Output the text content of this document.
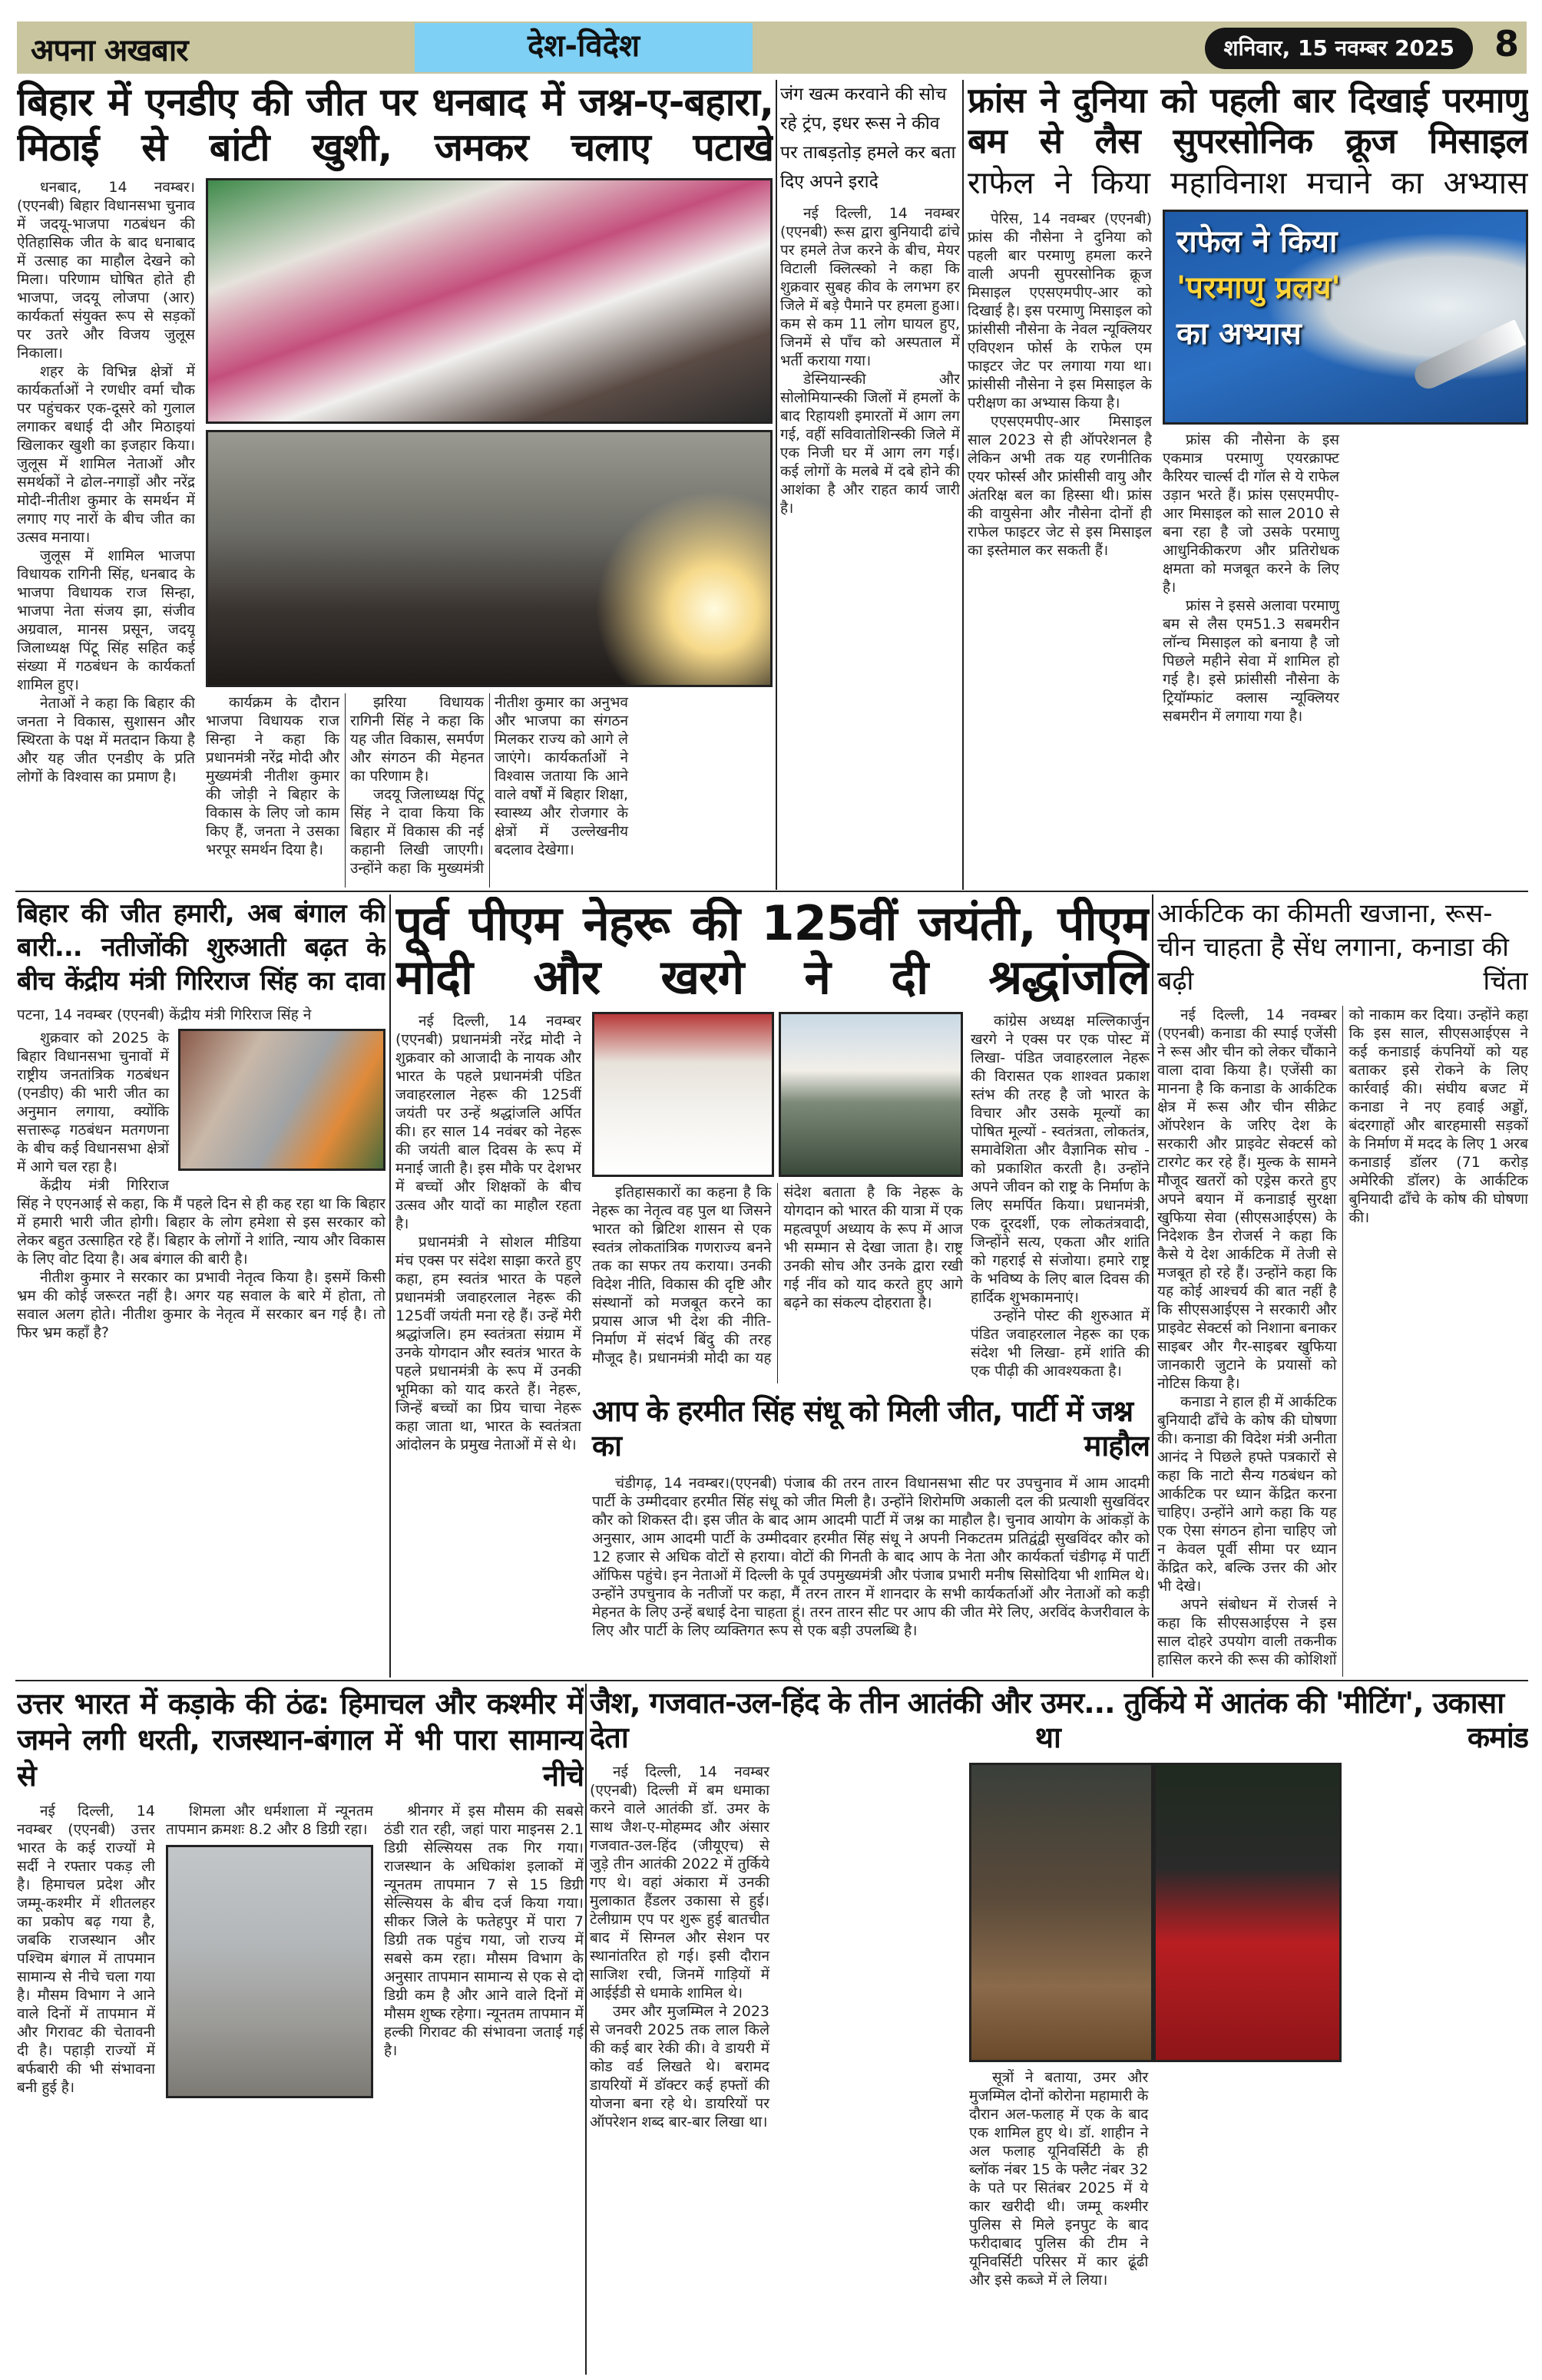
अपना अखबार	देश-विदेश	शनिवार, 15 नवम्बर 2025	8
बिहार में एनडीए की जीत पर धनबाद में जश्न-ए-बहारा, मिठाई से बांटी खुशी, जमकर चलाए पटाखे

धनबाद, 14 नवम्बर।(एएनबी) बिहार विधानसभा चुनाव में जदयू-भाजपा गठबंधन की ऐतिहासिक जीत के बाद धनाबाद में उत्साह का माहौल देखने को मिला। परिणाम घोषित होते ही भाजपा, जदयू लोजपा (आर) कार्यकर्ता संयुक्त रूप से सड़कों पर उतरे और विजय जुलूस निकाला।

शहर के विभिन्न क्षेत्रों में कार्यकर्ताओं ने रणधीर वर्मा चौक पर पहुंचकर एक-दूसरे को गुलाल लगाकर बधाई दी और मिठाइयां खिलाकर खुशी का इजहार किया। जुलूस में शामिल नेताओं और समर्थकों ने ढोल-नगाड़ों और नरेंद्र मोदी-नीतीश कुमार के समर्थन में लगाए गए नारों के बीच जीत का उत्सव मनाया।

जुलूस में शामिल भाजपा विधायक रागिनी सिंह, धनबाद के भाजपा विधायक राज सिन्हा, भाजपा नेता संजय झा, संजीव अग्रवाल, मानस प्रसून, जदयू जिलाध्यक्ष पिंटू सिंह सहित कई संख्या में गठबंधन के कार्यकर्ता शामिल हुए।

नेताओं ने कहा कि बिहार की जनता ने विकास, सुशासन और स्थिरता के पक्ष में मतदान किया है और यह जीत एनडीए के प्रति लोगों के विश्वास का प्रमाण है।

कार्यक्रम के दौरान भाजपा विधायक राज सिन्हा ने कहा कि प्रधानमंत्री नरेंद्र मोदी और मुख्यमंत्री नीतीश कुमार की जोड़ी ने बिहार के विकास के लिए जो काम किए हैं, जनता ने उसका भरपूर समर्थन दिया है।

झरिया विधायक रागिनी सिंह ने कहा कि यह जीत विकास, समर्पण और संगठन की मेहनत का परिणाम है।

जदयू जिलाध्यक्ष पिंटू सिंह ने दावा किया कि बिहार में विकास की नई कहानी लिखी जाएगी। उन्होंने कहा कि मुख्यमंत्री नीतीश कुमार का अनुभव और भाजपा का संगठन मिलकर राज्य को आगे ले जाएंगे। कार्यकर्ताओं ने विश्वास जताया कि आने वाले वर्षों में बिहार शिक्षा, स्वास्थ्य और रोजगार के क्षेत्रों में उल्लेखनीय बदलाव देखेगा।

जंग खत्म करवाने की सोच रहे ट्रंप, इधर रूस ने कीव पर ताबड़तोड़ हमले कर बता दिए अपने इरादे

नई दिल्ली, 14 नवम्बर (एएनबी) रूस द्वारा बुनियादी ढांचे पर हमले तेज करने के बीच, मेयर विटाली क्लित्स्को ने कहा कि शुक्रवार सुबह कीव के लगभग हर जिले में बड़े पैमाने पर हमला हुआ। कम से कम 11 लोग घायल हुए, जिनमें से पाँच को अस्पताल में भर्ती कराया गया।

डेस्नियान्स्की और सोलोमियान्स्की जिलों में हमलों के बाद रिहायशी इमारतों में आग लग गई, वहीं सविवातोशिन्स्की जिले में एक निजी घर में आग लग गई। कई लोगों के मलबे में दबे होने की आशंका है और राहत कार्य जारी है।

फ्रांस ने दुनिया को पहली बार दिखाई परमाणु बम से लैस सुपरसोनिक क्रूज मिसाइल
राफेल ने किया महाविनाश मचाने का अभ्यास

पेरिस, 14 नवम्बर (एएनबी) फ्रांस की नौसेना ने दुनिया को पहली बार परमाणु हमला करने वाली अपनी सुपरसोनिक क्रूज मिसाइल एएसएमपीए-आर को दिखाई है। इस परमाणु मिसाइल को फ्रांसीसी नौसेना के नेवल न्यूक्लियर एविएशन फोर्स के राफेल एम फाइटर जेट पर लगाया गया था। फ्रांसीसी नौसेना ने इस मिसाइल के परीक्षण का अभ्यास किया है।

एएसएमपीए-आर मिसाइल साल 2023 से ही ऑपरेशनल है लेकिन अभी तक यह रणनीतिक एयर फोर्स्स और फ्रांसीसी वायु और अंतरिक्ष बल का हिस्सा थी। फ्रांस की वायुसेना और नौसेना दोनों ही राफेल फाइटर जेट से इस मिसाइल का इस्तेमाल कर सकती हैं।

राफेल ने किया
'परमाणु प्रलय'
का अभ्यास

फ्रांस की नौसेना के इस एकमात्र परमाणु एयरक्राफ्ट कैरियर चार्ल्स दी गॉल से ये राफेल उड़ान भरते हैं। फ्रांस एसएमपीए-आर मिसाइल को साल 2010 से बना रहा है जो उसके परमाणु आधुनिकीकरण और प्रतिरोधक क्षमता को मजबूत करने के लिए है।

फ्रांस ने इससे अलावा परमाणु बम से लैस एम51.3 सबमरीन लॉन्च मिसाइल को बनाया है जो पिछले महीने सेवा में शामिल हो गई है। इसे फ्रांसीसी नौसेना के ट्रियॉम्फांट क्लास न्यूक्लियर सबमरीन में लगाया गया है।

बिहार की जीत हमारी, अब बंगाल की बारी... नतीजोंकी शुरुआती बढ़त के बीच केंद्रीय मंत्री गिरिराज सिंह का दावा
पटना, 14 नवम्बर (एएनबी) केंद्रीय मंत्री गिरिराज सिंह ने

शुक्रवार को 2025 के बिहार विधानसभा चुनावों में राष्ट्रीय जनतांत्रिक गठबंधन (एनडीए) की भारी जीत का अनुमान लगाया, क्योंकि सत्तारूढ़ गठबंधन मतगणना के बीच कई विधानसभा क्षेत्रों में आगे चल रहा है।

केंद्रीय मंत्री गिरिराज सिंह ने एएनआई से कहा, कि मैं पहले दिन से ही कह रहा था कि बिहार में हमारी भारी जीत होगी। बिहार के लोग हमेशा से इस सरकार को लेकर बहुत उत्साहित रहे हैं। बिहार के लोगों ने शांति, न्याय और विकास के लिए वोट दिया है। अब बंगाल की बारी है।

नीतीश कुमार ने सरकार का प्रभावी नेतृत्व किया है। इसमें किसी भ्रम की कोई जरूरत नहीं है। अगर यह सवाल के बारे में होता, तो सवाल अलग होते। नीतीश कुमार के नेतृत्व में सरकार बन गई है। तो फिर भ्रम कहाँ है?

पूर्व पीएम नेहरू की 125वीं जयंती, पीएम मोदी और खरगे ने दी श्रद्धांजलि

नई दिल्ली, 14 नवम्बर (एएनबी) प्रधानमंत्री नरेंद्र मोदी ने शुक्रवार को आजादी के नायक और भारत के पहले प्रधानमंत्री पंडित जवाहरलाल नेहरू की 125वीं जयंती पर उन्हें श्रद्धांजलि अर्पित की। हर साल 14 नवंबर को नेहरू की जयंती बाल दिवस के रूप में मनाई जाती है। इस मौके पर देशभर में बच्चों और शिक्षकों के बीच उत्सव और यादों का माहौल रहता है।

प्रधानमंत्री ने सोशल मीडिया मंच एक्स पर संदेश साझा करते हुए कहा, हम स्वतंत्र भारत के पहले प्रधानमंत्री जवाहरलाल नेहरू की 125वीं जयंती मना रहे हैं। उन्हें मेरी श्रद्धांजलि। हम स्वतंत्रता संग्राम में उनके योगदान और स्वतंत्र भारत के पहले प्रधानमंत्री के रूप में उनकी भूमिका को याद करते हैं। नेहरू, जिन्हें बच्चों का प्रिय चाचा नेहरू कहा जाता था, भारत के स्वतंत्रता आंदोलन के प्रमुख नेताओं में से थे।

इतिहासकारों का कहना है कि नेहरू का नेतृत्व वह पुल था जिसने भारत को ब्रिटिश शासन से एक स्वतंत्र लोकतांत्रिक गणराज्य बनने तक का सफर तय कराया। उनकी विदेश नीति, विकास की दृष्टि और संस्थानों को मजबूत करने का प्रयास आज भी देश की नीति-निर्माण में संदर्भ बिंदु की तरह मौजूद है। प्रधानमंत्री मोदी का यह संदेश बताता है कि नेहरू के योगदान को भारत की यात्रा में एक महत्वपूर्ण अध्याय के रूप में आज भी सम्मान से देखा जाता है। राष्ट्र उनकी सोच और उनके द्वारा रखी गई नींव को याद करते हुए आगे बढ़ने का संकल्प दोहराता है।

कांग्रेस अध्यक्ष मल्लिकार्जुन खरगे ने एक्स पर एक पोस्ट में लिखा- पंडित जवाहरलाल नेहरू की विरासत एक शाश्वत प्रकाश स्तंभ की तरह है जो भारत के विचार और उसके मूल्यों का पोषित मूल्यों - स्वतंत्रता, लोकतंत्र, समावेशिता और वैज्ञानिक सोच - को प्रकाशित करती है। उन्होंने अपने जीवन को राष्ट्र के निर्माण के लिए समर्पित किया। प्रधानमंत्री, एक दूरदर्शी, एक लोकतंत्रवादी, जिन्होंने सत्य, एकता और शांति को गहराई से संजोया। हमारे राष्ट्र के भविष्य के लिए बाल दिवस की हार्दिक शुभकामनाएं।

उन्होंने पोस्ट की शुरुआत में पंडित जवाहरलाल नेहरू का एक संदेश भी लिखा- हमें शांति की एक पीढ़ी की आवश्यकता है।

आप के हरमीत सिंह संधू को मिली जीत, पार्टी में जश्न का माहौल

चंडीगढ़, 14 नवम्बर।(एएनबी) पंजाब की तरन तारन विधानसभा सीट पर उपचुनाव में आम आदमी पार्टी के उम्मीदवार हरमीत सिंह संधू को जीत मिली है। उन्होंने शिरोमणि अकाली दल की प्रत्याशी सुखविंदर कौर को शिकस्त दी। इस जीत के बाद आम आदमी पार्टी में जश्न का माहौल है। चुनाव आयोग के आंकड़ों के अनुसार, आम आदमी पार्टी के उम्मीदवार हरमीत सिंह संधू ने अपनी निकटतम प्रतिद्वंद्वी सुखविंदर कौर को 12 हजार से अधिक वोटों से हराया। वोटों की गिनती के बाद आप के नेता और कार्यकर्ता चंडीगढ़ में पार्टी ऑफिस पहुंचे। इन नेताओं में दिल्ली के पूर्व उपमुख्यमंत्री और पंजाब प्रभारी मनीष सिसोदिया भी शामिल थे। उन्होंने उपचुनाव के नतीजों पर कहा, मैं तरन तारन में शानदार के सभी कार्यकर्ताओं और नेताओं को कड़ी मेहनत के लिए उन्हें बधाई देना चाहता हूं। तरन तारन सीट पर आप की जीत मेरे लिए, अरविंद केजरीवाल के लिए और पार्टी के लिए व्यक्तिगत रूप से एक बड़ी उपलब्धि है।

आर्कटिक का कीमती खजाना, रूस-चीन चाहता है सेंध लगाना, कनाडा की बढ़ी चिंता

नई दिल्ली, 14 नवम्बर (एएनबी) कनाडा की स्पाई एजेंसी ने रूस और चीन को लेकर चौंकाने वाला दावा किया है। एजेंसी का मानना है कि कनाडा के आर्कटिक क्षेत्र में रूस और चीन सीक्रेट ऑपरेशन के जरिए देश के सरकारी और प्राइवेट सेक्टर्स को टारगेट कर रहे हैं। मुल्क के सामने मौजूद खतरों को एड्रेस करते हुए अपने बयान में कनाडाई सुरक्षा खुफिया सेवा (सीएसआईएस) के निदेशक डैन रोजर्स ने कहा कि कैसे ये देश आर्कटिक में तेजी से मजबूत हो रहे हैं। उन्होंने कहा कि यह कोई आश्चर्य की बात नहीं है कि सीएसआईएस ने सरकारी और प्राइवेट सेक्टर्स को निशाना बनाकर साइबर और गैर-साइबर खुफिया जानकारी जुटाने के प्रयासों को नोटिस किया है।

कनाडा ने हाल ही में आर्कटिक बुनियादी ढाँचे के कोष की घोषणा की। कनाडा की विदेश मंत्री अनीता आनंद ने पिछले हफ्ते पत्रकारों से कहा कि नाटो सैन्य गठबंधन को आर्कटिक पर ध्यान केंद्रित करना चाहिए। उन्होंने आगे कहा कि यह एक ऐसा संगठन होना चाहिए जो न केवल पूर्वी सीमा पर ध्यान केंद्रित करे, बल्कि उत्तर की ओर भी देखे।

अपने संबोधन में रोजर्स ने कहा कि सीएसआईएस ने इस साल दोहरे उपयोग वाली तकनीक हासिल करने की रूस की कोशिशों को नाकाम कर दिया। उन्होंने कहा कि इस साल, सीएसआईएस ने कई कनाडाई कंपनियों को यह बताकर इसे रोकने के लिए कार्रवाई की। संघीय बजट में कनाडा ने नए हवाई अड्डों, बंदरगाहों और बारहमासी सड़कों के निर्माण में मदद के लिए 1 अरब कनाडाई डॉलर (71 करोड़ अमेरिकी डॉलर) के आर्कटिक बुनियादी ढाँचे के कोष की घोषणा की।

उत्तर भारत में कड़ाके की ठंढ: हिमाचल और कश्मीर में जमने लगी धरती, राजस्थान-बंगाल में भी पारा सामान्य से नीचे

नई दिल्ली, 14 नवम्बर (एएनबी) उत्तर भारत के कई राज्यों मे सर्दी ने रफ्तार पकड़ ली है। हिमाचल प्रदेश और जम्मू-कश्मीर में शीतलहर का प्रकोप बढ़ गया है, जबकि राजस्थान और पश्चिम बंगाल में तापमान सामान्य से नीचे चला गया है। मौसम विभाग ने आने वाले दिनों में तापमान में और गिरावट की चेतावनी दी है। पहाड़ी राज्यों में बर्फबारी की भी संभावना बनी हुई है।

शिमला और धर्मशाला में न्यूनतम तापमान क्रमशः 8.2 और 8 डिग्री रहा।

श्रीनगर में इस मौसम की सबसे ठंडी रात रही, जहां पारा माइनस 2.1 डिग्री सेल्सियस तक गिर गया। राजस्थान के अधिकांश इलाकों में न्यूनतम तापमान 7 से 15 डिग्री सेल्सियस के बीच दर्ज किया गया। सीकर जिले के फतेहपुर में पारा 7 डिग्री तक पहुंच गया, जो राज्य में सबसे कम रहा। मौसम विभाग के अनुसार तापमान सामान्य से एक से दो डिग्री कम है और आने वाले दिनों में मौसम शुष्क रहेगा। न्यूनतम तापमान में हल्की गिरावट की संभावना जताई गई है।

जैश, गजवात-उल-हिंद के तीन आतंकी और उमर... तुर्किये में आतंक की 'मीटिंग', उकासा देता था कमांड

नई दिल्ली, 14 नवम्बर (एएनबी) दिल्ली में बम धमाका करने वाले आतंकी डॉ. उमर के साथ जैश-ए-मोहम्मद और अंसार गजवात-उल-हिंद (जीयूएच) से जुड़े तीन आतंकी 2022 में तुर्किये गए थे। वहां अंकारा में उनकी मुलाकात हैंडलर उकासा से हुई। टेलीग्राम एप पर शुरू हुई बातचीत बाद में सिग्नल और सेशन पर स्थानांतरित हो गई। इसी दौरान साजिश रची, जिनमें गाड़ियों में आईईडी से धमाके शामिल थे।

उमर और मुजम्मिल ने 2023 से जनवरी 2025 तक लाल किले की कई बार रेकी की। वे डायरी में कोड वर्ड लिखते थे। बरामद डायरियों में डॉक्टर कई हफ्तों की योजना बना रहे थे। डायरियों पर ऑपरेशन शब्द बार-बार लिखा था।

सूत्रों ने बताया, उमर और मुजम्मिल दोनों कोरोना महामारी के दौरान अल-फलाह में एक के बाद एक शामिल हुए थे। डॉ. शाहीन ने अल फलाह यूनिवर्सिटी के ही ब्लॉक नंबर 15 के फ्लैट नंबर 32 के पते पर सितंबर 2025 में ये कार खरीदी थी। जम्मू कश्मीर पुलिस से मिले इनपुट के बाद फरीदाबाद पुलिस की टीम ने यूनिवर्सिटी परिसर में कार ढूंढी और इसे कब्जे में ले लिया।
